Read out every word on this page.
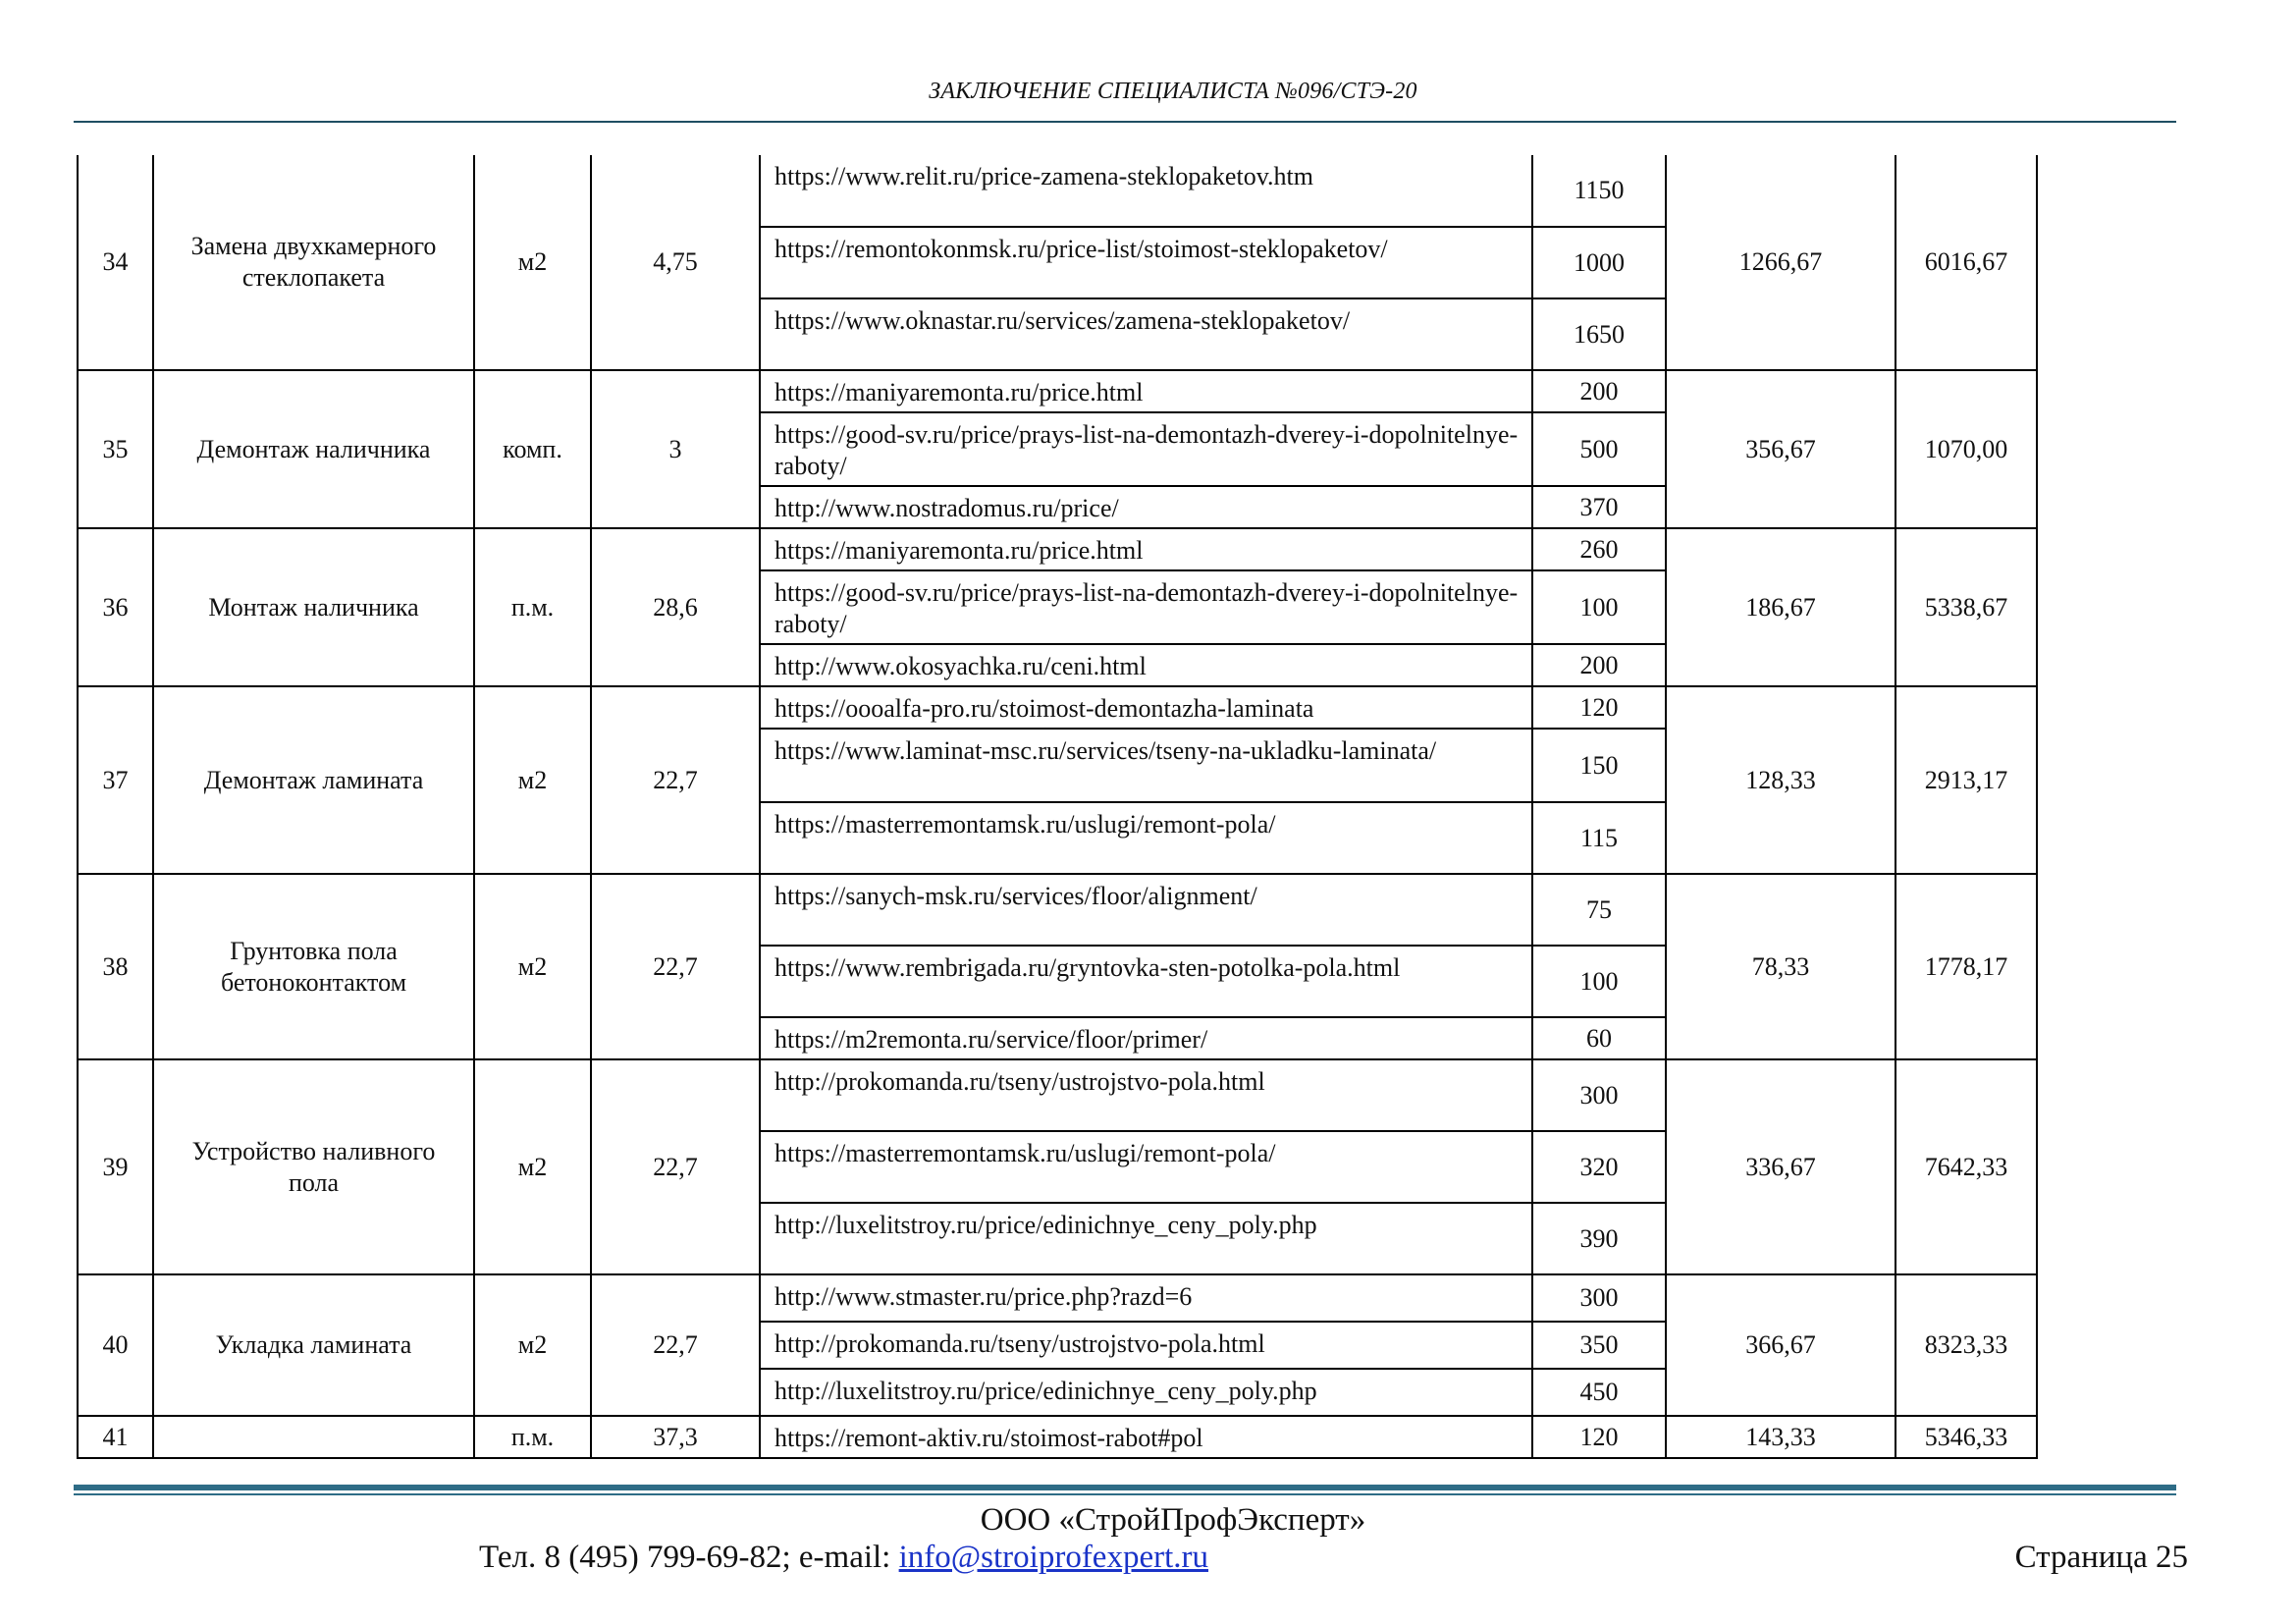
ЗАКЛЮЧЕНИЕ СПЕЦИАЛИСТА №096/СТЭ-20
34	Замена двухкамерного стеклопакета	м2	4,75	https://www.relit.ru/price-zamena-steklopaketov.htm	1150	1266,67	6016,67
				https://remontokonmsk.ru/price-list/stoimost-steklopaketov/	1000		
				https://www.oknastar.ru/services/zamena-steklopaketov/	1650		
35	Демонтаж наличника	комп.	3	https://maniyaremonta.ru/price.html	200	356,67	1070,00
				https://good-sv.ru/price/prays-list-na-demontazh-dverey-i-dopolnitelnye-raboty/	500		
				http://www.nostradomus.ru/price/	370		
36	Монтаж наличника	п.м.	28,6	https://maniyaremonta.ru/price.html	260	186,67	5338,67
				https://good-sv.ru/price/prays-list-na-demontazh-dverey-i-dopolnitelnye-raboty/	100		
				http://www.okosyachka.ru/ceni.html	200		
37	Демонтаж ламината	м2	22,7	https://oooalfa-pro.ru/stoimost-demontazha-laminata	120	128,33	2913,17
				https://www.laminat-msc.ru/services/tseny-na-ukladku-laminata/	150		
				https://masterremontamsk.ru/uslugi/remont-pola/	115		
38	Грунтовка пола бетоноконтактом	м2	22,7	https://sanych-msk.ru/services/floor/alignment/	75	78,33	1778,17
				https://www.rembrigada.ru/gryntovka-sten-potolka-pola.html	100		
				https://m2remonta.ru/service/floor/primer/	60		
39	Устройство наливного пола	м2	22,7	http://prokomanda.ru/tseny/ustrojstvo-pola.html	300	336,67	7642,33
				https://masterremontamsk.ru/uslugi/remont-pola/	320		
				http://luxelitstroy.ru/price/edinichnye_ceny_poly.php	390		
40	Укладка ламината	м2	22,7	http://www.stmaster.ru/price.php?razd=6	300	366,67	8323,33
				http://prokomanda.ru/tseny/ustrojstvo-pola.html	350		
				http://luxelitstroy.ru/price/edinichnye_ceny_poly.php	450		
41		п.м.	37,3	https://remont-aktiv.ru/stoimost-rabot#pol	120	143,33	5346,33
ООО «СтройПрофЭксперт»
Тел. 8 (495) 799-69-82; e-mail: info@stroiprofexpert.ru	Страница 25
